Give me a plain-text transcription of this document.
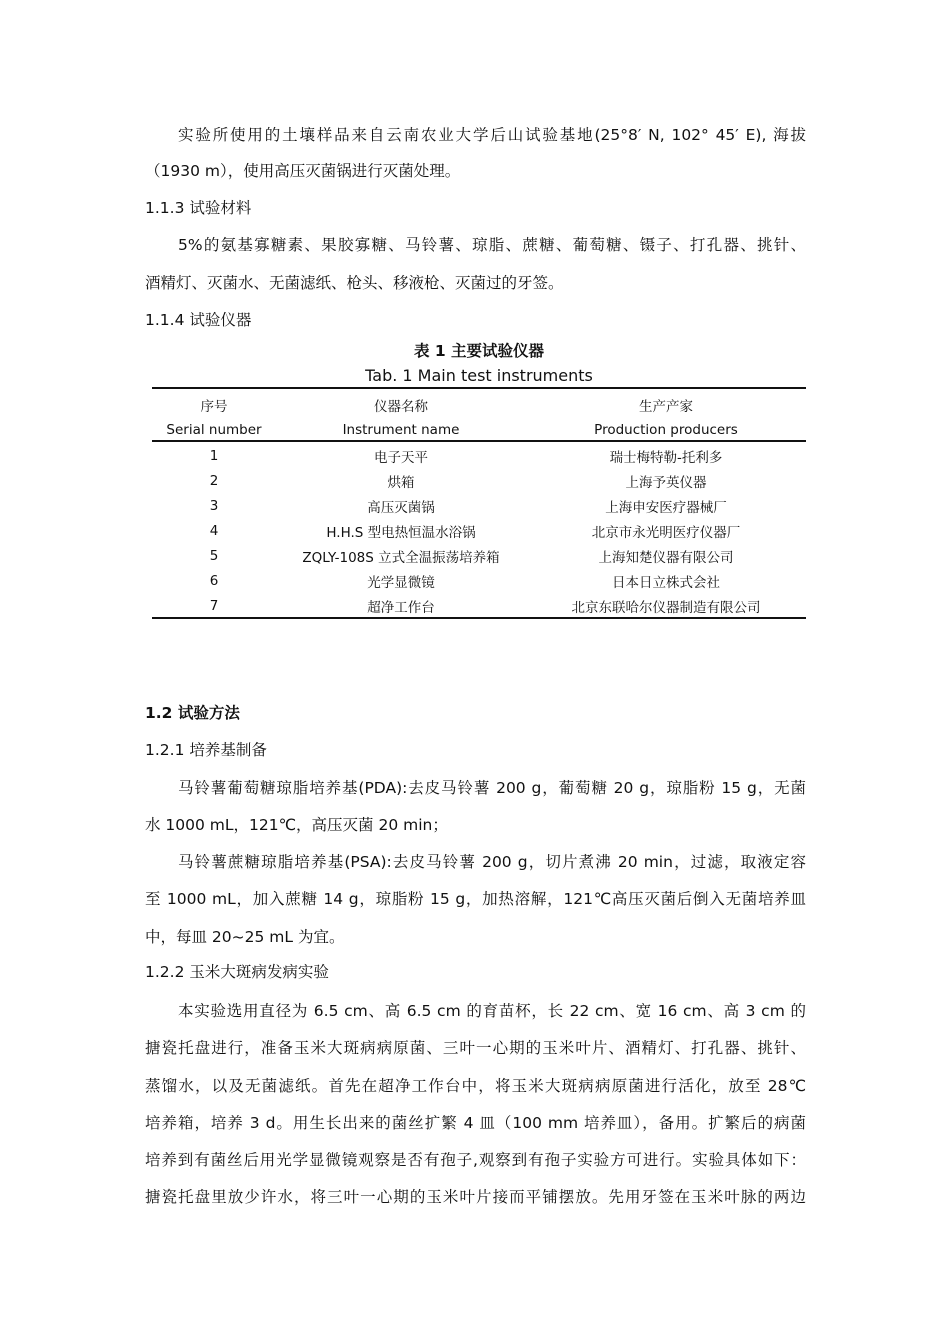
实验所使用的土壤样品来自云南农业大学后山试验基地(25°8′ N, 102° 45′ E), 海拔
（1930 m），使用高压灭菌锅进行灭菌处理。
1.1.3 试验材料
5%的氨基寡糖素、果胶寡糖、马铃薯、琼脂、蔗糖、葡萄糖、镊子、打孔器、挑针、
酒精灯、灭菌水、无菌滤纸、枪头、移液枪、灭菌过的牙签。
1.1.4 试验仪器
表 1 主要试验仪器
Tab. 1 Main test instruments
序号	仪器名称	生产产家
Serial number	Instrument name	Production producers
1	电子天平	瑞士梅特勒-托利多
2	烘箱	上海予英仪器
3	高压灭菌锅	上海申安医疗器械厂
4	H.H.S 型电热恒温水浴锅	北京市永光明医疗仪器厂
5	ZQLY-108S 立式全温振荡培养箱	上海知楚仪器有限公司
6	光学显微镜	日本日立株式会社
7	超净工作台	北京东联哈尔仪器制造有限公司
1.2 试验方法
1.2.1 培养基制备
马铃薯葡萄糖琼脂培养基(PDA):去皮马铃薯 200 g，葡萄糖 20 g，琼脂粉 15 g，无菌
水 1000 mL，121℃，高压灭菌 20 min；
马铃薯蔗糖琼脂培养基(PSA):去皮马铃薯 200 g，切片煮沸 20 min，过滤，取液定容
至 1000 mL，加入蔗糖 14 g，琼脂粉 15 g，加热溶解，121℃高压灭菌后倒入无菌培养皿
中，每皿 20~25 mL 为宜。
1.2.2 玉米大斑病发病实验
本实验选用直径为 6.5 cm、高 6.5 cm 的育苗杯，长 22 cm、宽 16 cm、高 3 cm 的
搪瓷托盘进行，准备玉米大斑病病原菌、三叶一心期的玉米叶片、酒精灯、打孔器、挑针、
蒸馏水，以及无菌滤纸。首先在超净工作台中，将玉米大斑病病原菌进行活化，放至 28℃
培养箱，培养 3 d。用生长出来的菌丝扩繁 4 皿（100 mm 培养皿），备用。扩繁后的病菌
培养到有菌丝后用光学显微镜观察是否有孢子,观察到有孢子实验方可进行。实验具体如下：
搪瓷托盘里放少许水，将三叶一心期的玉米叶片接而平铺摆放。先用牙签在玉米叶脉的两边
